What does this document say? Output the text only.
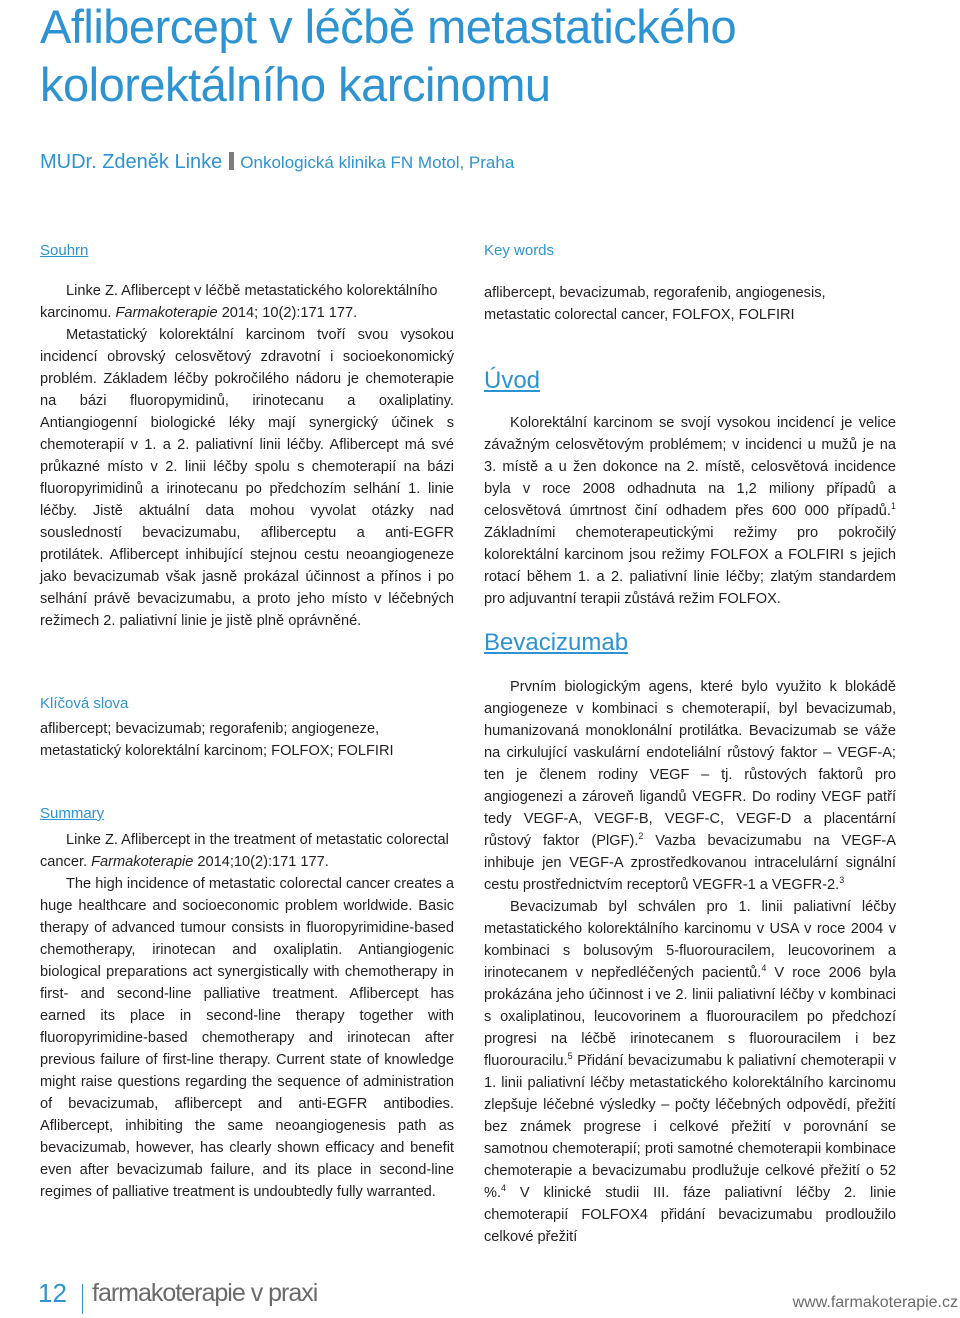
Aflibercept v léčbě metastatického kolorektálního karcinomu
MUDr. Zdeněk Linke Onkologická klinika FN Motol, Praha
Souhrn

Linke Z. Aflibercept v léčbě metastatického kolorektálního karcinomu. Farmakoterapie 2014; 10(2):171 177.

Metastatický kolorektální karcinom tvoří svou vysokou incidencí obrovský celosvětový zdravotní i socioekonomický problém. Základem léčby pokročilého nádoru je chemoterapie na bázi fluoropymidinů, irinotecanu a oxaliplatiny. Antiangiogenní biologické léky mají synergický účinek s chemoterapií v 1. a 2. paliativní linii léčby. Aflibercept má své průkazné místo v 2. linii léčby spolu s chemoterapií na bázi fluoropyrimidinů a irinotecanu po předchozím selhání 1. linie léčby. Jistě aktuální data mohou vyvolat otázky nad sousledností bevacizumabu, afliberceptu a anti-EGFR protilátek. Aflibercept inhibující stejnou cestu neoangiogeneze jako bevacizumab však jasně prokázal účinnost a přínos i po selhání právě bevacizumabu, a proto jeho místo v léčebných režimech 2. paliativní linie je jistě plně oprávněné.

Klíčová slova

aflibercept; bevacizumab; regorafenib; angiogeneze, metastatický kolorektální karcinom; FOLFOX; FOLFIRI

Summary

Linke Z. Aflibercept in the treatment of metastatic colorectal cancer. Farmakoterapie 2014;10(2):171 177.

The high incidence of metastatic colorectal cancer creates a huge healthcare and socioeconomic problem worldwide. Basic therapy of advanced tumour consists in fluoropyrimidine-based chemotherapy, irinotecan and oxaliplatin. Antiangiogenic biological preparations act synergistically with chemotherapy in first- and second-line palliative treatment. Aflibercept has earned its place in second-line therapy together with fluoropyrimidine-based chemotherapy and irinotecan after previous failure of first-line therapy. Current state of knowledge might raise questions regarding the sequence of administration of bevacizumab, aflibercept and anti-EGFR antibodies. Aflibercept, inhibiting the same neoangiogenesis path as bevacizumab, however, has clearly shown efficacy and benefit even after bevacizumab failure, and its place in second-line regimes of palliative treatment is undoubtedly fully warranted.

Key words

aflibercept, bevacizumab, regorafenib, angiogenesis, metastatic colorectal cancer, FOLFOX, FOLFIRI

Úvod

Kolorektální karcinom se svojí vysokou incidencí je velice závažným celosvětovým problémem; v incidenci u mužů je na 3. místě a u žen dokonce na 2. místě, celosvětová incidence byla v roce 2008 odhadnuta na 1,2 miliony případů a celosvětová úmrtnost činí odhadem přes 600 000 případů.$^1$ Základními chemoterapeutickými režimy pro pokročilý kolorektální karcinom jsou režimy FOLFOX a FOLFIRI s jejich rotací během 1. a 2. paliativní linie léčby; zlatým standardem pro adjuvantní terapii zůstává režim FOLFOX.

Bevacizumab

Prvním biologickým agens, které bylo využito k blokádě angiogeneze v kombinaci s chemoterapií, byl bevacizumab, humanizovaná monoklonální protilátka. Bevacizumab se váže na cirkulující vaskulární endoteliální růstový faktor – VEGF-A; ten je členem rodiny VEGF – tj. růstových faktorů pro angiogenezi a zároveň ligandů VEGFR. Do rodiny VEGF patří tedy VEGF-A, VEGF-B, VEGF-C, VEGF-D a placentární růstový faktor (PlGF).$^2$ Vazba bevacizumabu na VEGF-A inhibuje jen VEGF-A zprostředkovanou intracelulární signální cestu prostřednictvím receptorů VEGFR-1 a VEGFR-2.$^3$

Bevacizumab byl schválen pro 1. linii paliativní léčby metastatického kolorektálního karcinomu v USA v roce 2004 v kombinaci s bolusovým 5-fluorouracilem, leucovorinem a irinotecanem v nepředléčených pacientů.$^4$ V roce 2006 byla prokázána jeho účinnost i ve 2. linii paliativní léčby v kombinaci s oxaliplatinou, leucovorinem a fluorouracilem po předchozí progresi na léčbě irinotecanem s fluorouracilem i bez fluorouracilu.$^5$ Přidání bevacizumabu k paliativní chemoterapii v 1. linii paliativní léčby metastatického kolorektálního karcinomu zlepšuje léčebné výsledky – počty léčebných odpovědí, přežití bez známek progrese i celkové přežití v porovnání se samotnou chemoterapií; proti samotné chemoterapii kombinace chemoterapie a bevacizumabu prodlužuje celkové přežití o 52 %.$^4$ V klinické studii III. fáze paliativní léčby 2. linie chemoterapií FOLFOX4 přidání bevacizumabu prodloužilo celkové přežití

12 farmakoterapie v praxi	www.farmakoterapie.cz
